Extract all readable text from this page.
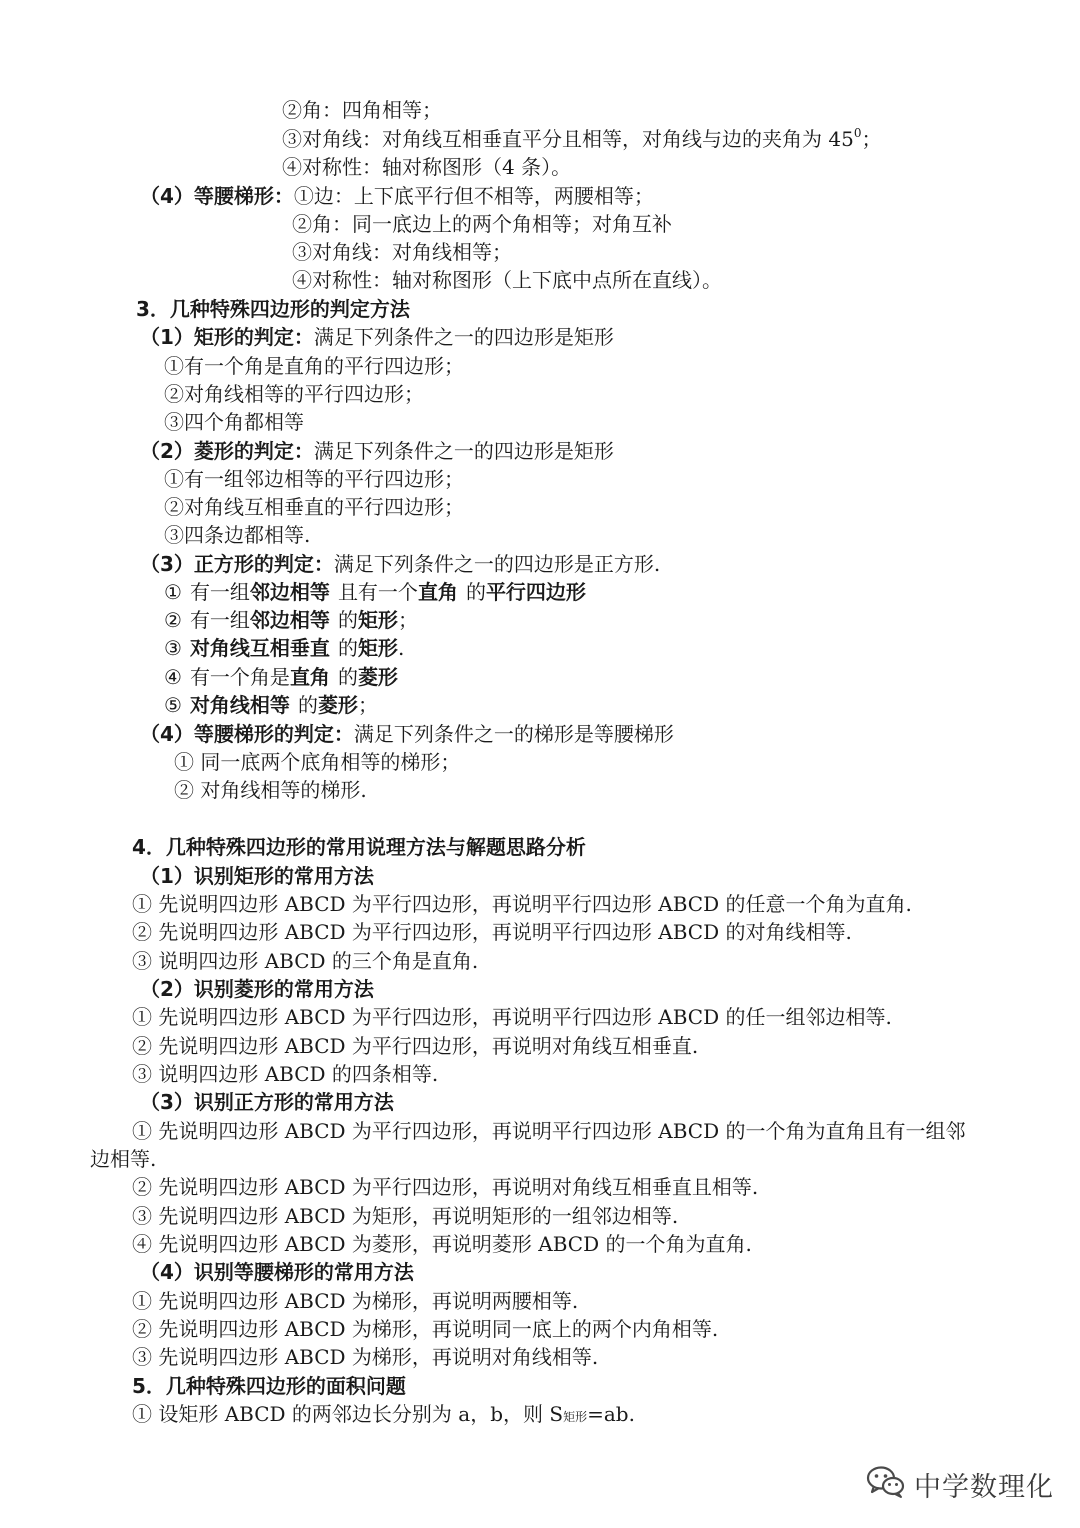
②角：四角相等；
③对角线：对角线互相垂直平分且相等，对角线与边的夹角为 $45^0$；
④对称性：轴对称图形（4 条）。
（4）等腰梯形：①边：上下底平行但不相等，两腰相等；
②角：同一底边上的两个角相等；对角互补
③对角线：对角线相等；
④对称性：轴对称图形（上下底中点所在直线）。
3．几种特殊四边形的判定方法
（1）矩形的判定：满足下列条件之一的四边形是矩形
①有一个角是直角的平行四边形；
②对角线相等的平行四边形；
③四个角都相等
（2）菱形的判定：满足下列条件之一的四边形是矩形
①有一组邻边相等的平行四边形；
②对角线互相垂直的平行四边形；
③四条边都相等.
（3）正方形的判定：满足下列条件之一的四边形是正方形.
① 有一组邻边相等 且有一个直角 的平行四边形
② 有一组邻边相等 的矩形；
③ 对角线互相垂直 的矩形.
④ 有一个角是直角 的菱形
⑤ 对角线相等 的菱形；
（4）等腰梯形的判定：满足下列条件之一的梯形是等腰梯形
① 同一底两个底角相等的梯形；
② 对角线相等的梯形.
4．几种特殊四边形的常用说理方法与解题思路分析
（1）识别矩形的常用方法
① 先说明四边形 ABCD 为平行四边形，再说明平行四边形 ABCD 的任意一个角为直角.
② 先说明四边形 ABCD 为平行四边形，再说明平行四边形 ABCD 的对角线相等.
③ 说明四边形 ABCD 的三个角是直角.
（2）识别菱形的常用方法
① 先说明四边形 ABCD 为平行四边形，再说明平行四边形 ABCD 的任一组邻边相等.
② 先说明四边形 ABCD 为平行四边形，再说明对角线互相垂直.
③ 说明四边形 ABCD 的四条相等.
（3）识别正方形的常用方法
① 先说明四边形 ABCD 为平行四边形，再说明平行四边形 ABCD 的一个角为直角且有一组邻
边相等.
② 先说明四边形 ABCD 为平行四边形，再说明对角线互相垂直且相等.
③ 先说明四边形 ABCD 为矩形，再说明矩形的一组邻边相等.
④ 先说明四边形 ABCD 为菱形，再说明菱形 ABCD 的一个角为直角.
（4）识别等腰梯形的常用方法
① 先说明四边形 ABCD 为梯形，再说明两腰相等.
② 先说明四边形 ABCD 为梯形，再说明同一底上的两个内角相等.
③ 先说明四边形 ABCD 为梯形，再说明对角线相等.
5．几种特殊四边形的面积问题
① 设矩形 ABCD 的两邻边长分别为 a，b，则 S矩形=ab.
中学数理化
